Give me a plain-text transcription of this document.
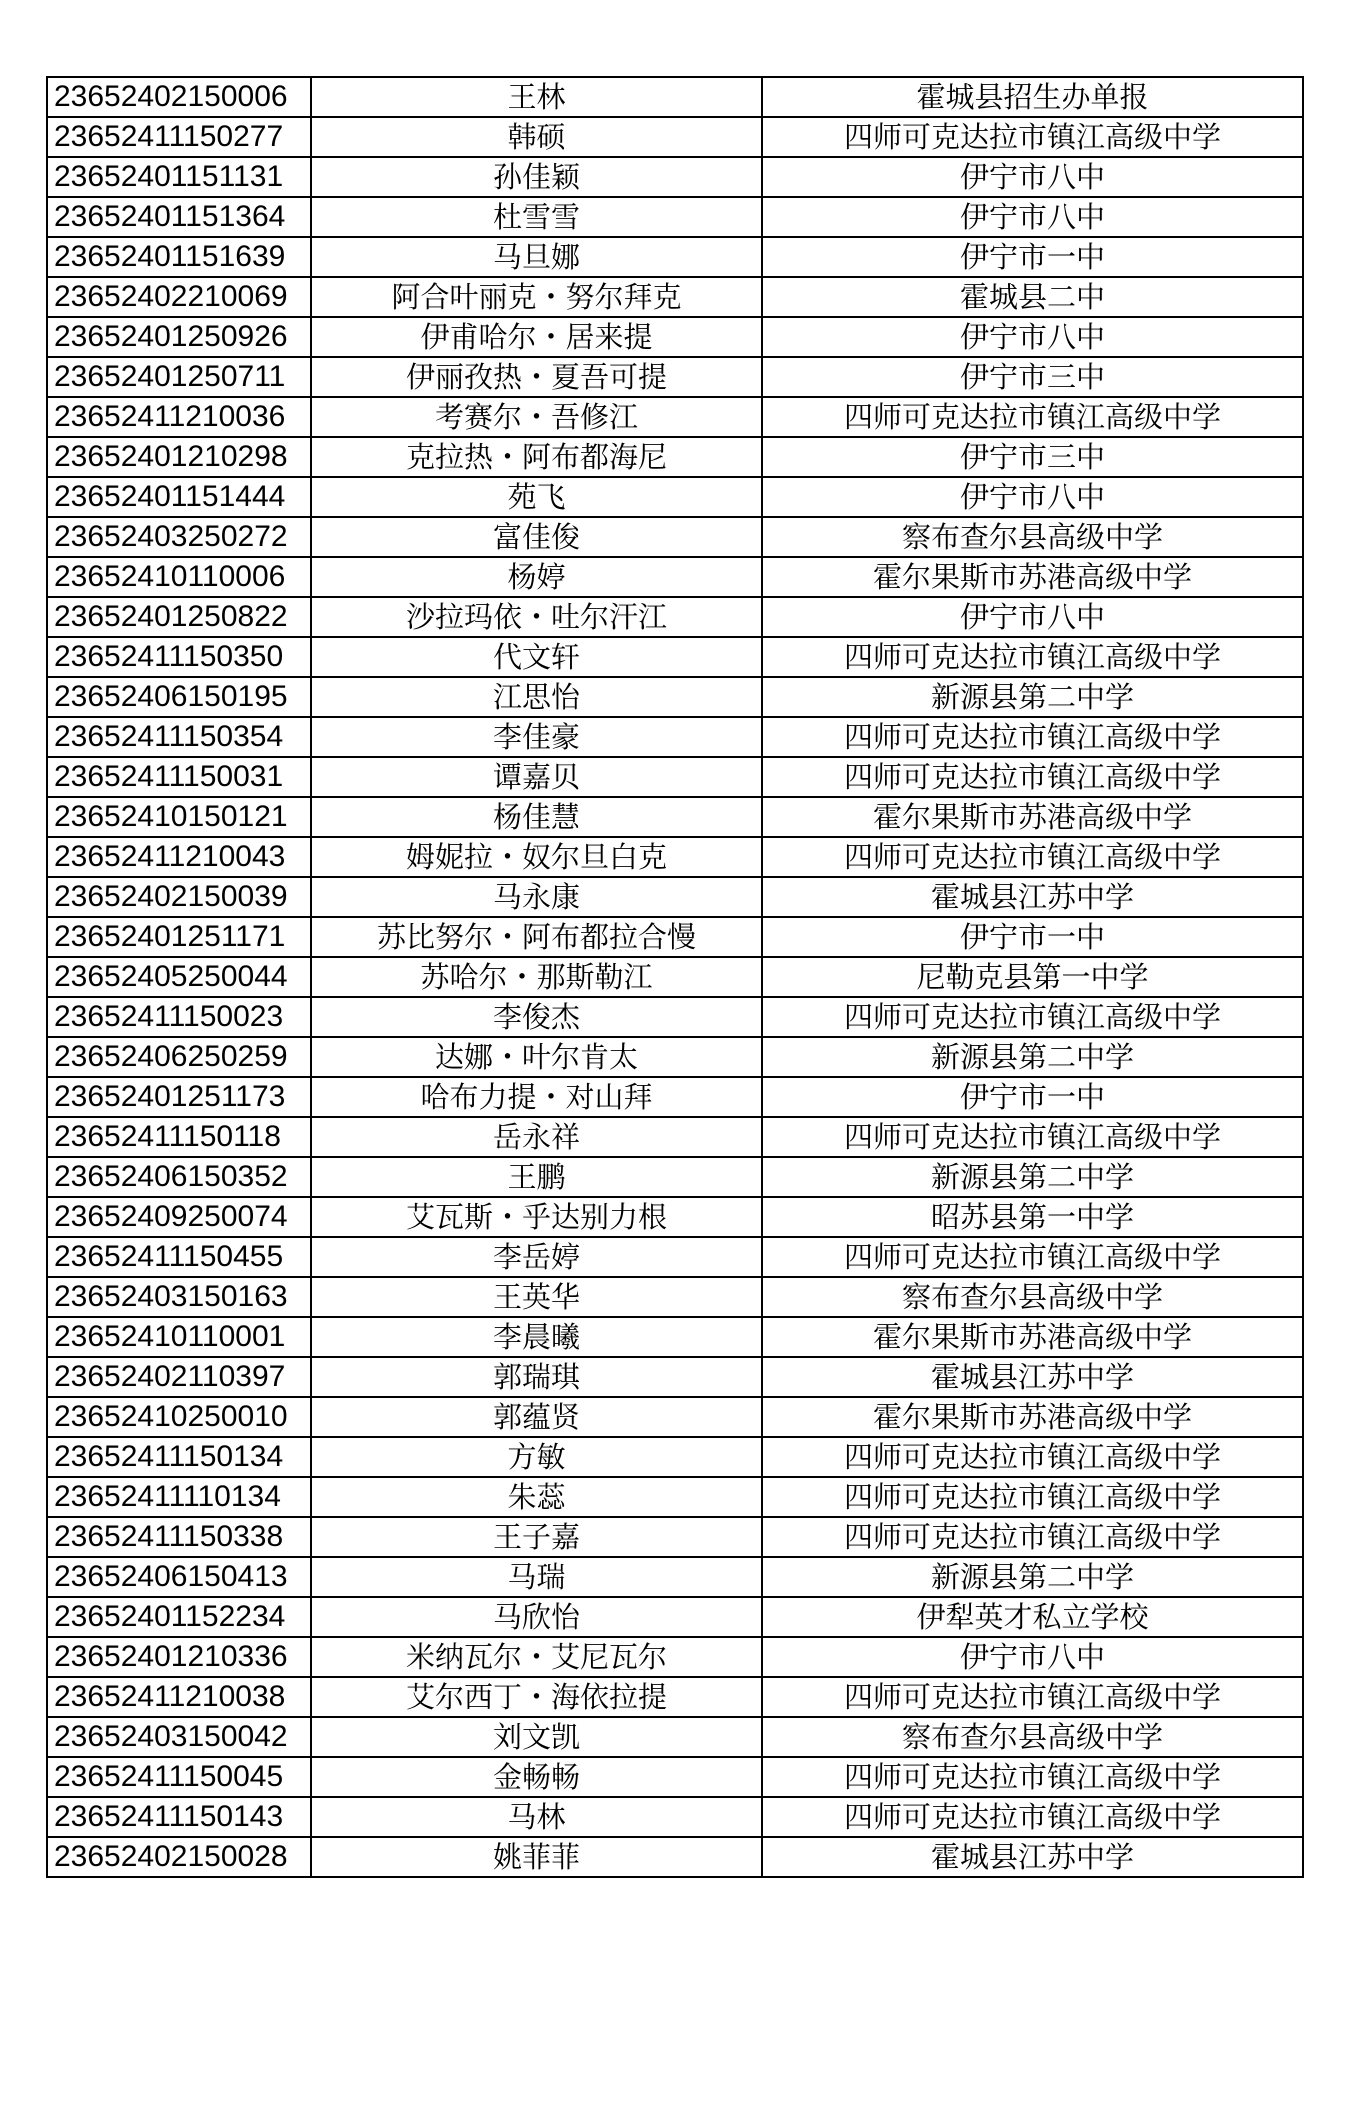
23652402150006	王林	霍城县招生办单报
23652411150277	韩硕	四师可克达拉市镇江高级中学
23652401151131	孙佳颖	伊宁市八中
23652401151364	杜雪雪	伊宁市八中
23652401151639	马旦娜	伊宁市一中
23652402210069	阿合叶丽克・努尔拜克	霍城县二中
23652401250926	伊甫哈尔・居来提	伊宁市八中
23652401250711	伊丽孜热・夏吾可提	伊宁市三中
23652411210036	考赛尔・吾修江	四师可克达拉市镇江高级中学
23652401210298	克拉热・阿布都海尼	伊宁市三中
23652401151444	苑飞	伊宁市八中
23652403250272	富佳俊	察布查尔县高级中学
23652410110006	杨婷	霍尔果斯市苏港高级中学
23652401250822	沙拉玛依・吐尔汗江	伊宁市八中
23652411150350	代文轩	四师可克达拉市镇江高级中学
23652406150195	江思怡	新源县第二中学
23652411150354	李佳豪	四师可克达拉市镇江高级中学
23652411150031	谭嘉贝	四师可克达拉市镇江高级中学
23652410150121	杨佳慧	霍尔果斯市苏港高级中学
23652411210043	姆妮拉・奴尔旦白克	四师可克达拉市镇江高级中学
23652402150039	马永康	霍城县江苏中学
23652401251171	苏比努尔・阿布都拉合慢	伊宁市一中
23652405250044	苏哈尔・那斯勒江	尼勒克县第一中学
23652411150023	李俊杰	四师可克达拉市镇江高级中学
23652406250259	达娜・叶尔肯太	新源县第二中学
23652401251173	哈布力提・对山拜	伊宁市一中
23652411150118	岳永祥	四师可克达拉市镇江高级中学
23652406150352	王鹏	新源县第二中学
23652409250074	艾瓦斯・乎达别力根	昭苏县第一中学
23652411150455	李岳婷	四师可克达拉市镇江高级中学
23652403150163	王英华	察布查尔县高级中学
23652410110001	李晨曦	霍尔果斯市苏港高级中学
23652402110397	郭瑞琪	霍城县江苏中学
23652410250010	郭蕴贤	霍尔果斯市苏港高级中学
23652411150134	方敏	四师可克达拉市镇江高级中学
23652411110134	朱蕊	四师可克达拉市镇江高级中学
23652411150338	王子嘉	四师可克达拉市镇江高级中学
23652406150413	马瑞	新源县第二中学
23652401152234	马欣怡	伊犁英才私立学校
23652401210336	米纳瓦尔・艾尼瓦尔	伊宁市八中
23652411210038	艾尔西丁・海依拉提	四师可克达拉市镇江高级中学
23652403150042	刘文凯	察布查尔县高级中学
23652411150045	金畅畅	四师可克达拉市镇江高级中学
23652411150143	马林	四师可克达拉市镇江高级中学
23652402150028	姚菲菲	霍城县江苏中学
